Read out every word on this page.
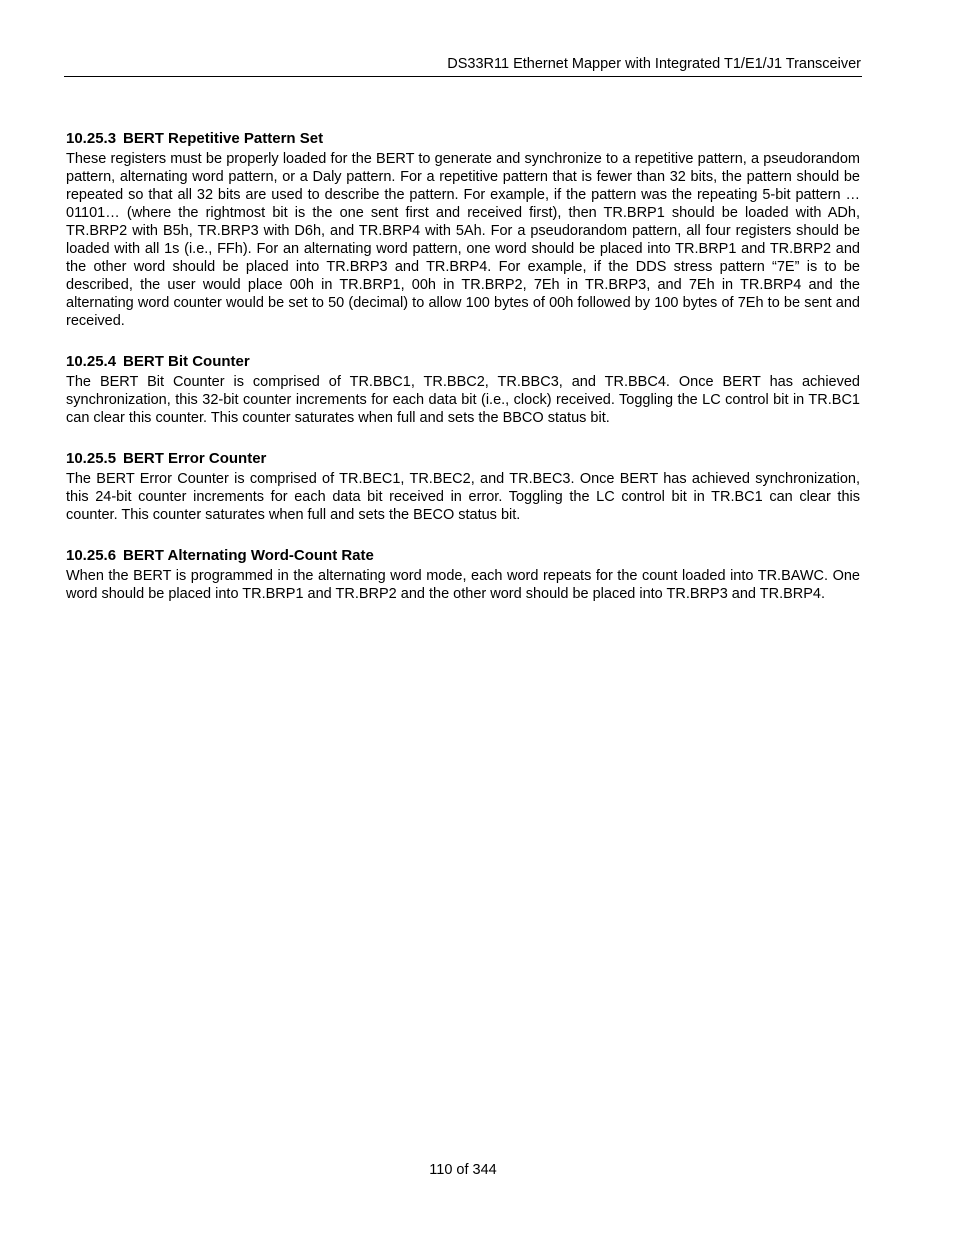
DS33R11 Ethernet Mapper with Integrated T1/E1/J1 Transceiver
10.25.3 BERT Repetitive Pattern Set

These registers must be properly loaded for the BERT to generate and synchronize to a repetitive pattern, a pseudorandom pattern, alternating word pattern, or a Daly pattern. For a repetitive pattern that is fewer than 32 bits, the pattern should be repeated so that all 32 bits are used to describe the pattern. For example, if the pattern was the repeating 5-bit pattern …01101… (where the rightmost bit is the one sent first and received first), then TR.BRP1 should be loaded with ADh, TR.BRP2 with B5h, TR.BRP3 with D6h, and TR.BRP4 with 5Ah. For a pseudorandom pattern, all four registers should be loaded with all 1s (i.e., FFh). For an alternating word pattern, one word should be placed into TR.BRP1 and TR.BRP2 and the other word should be placed into TR.BRP3 and TR.BRP4. For example, if the DDS stress pattern “7E” is to be described, the user would place 00h in TR.BRP1, 00h in TR.BRP2, 7Eh in TR.BRP3, and 7Eh in TR.BRP4 and the alternating word counter would be set to 50 (decimal) to allow 100 bytes of 00h followed by 100 bytes of 7Eh to be sent and received.

10.25.4 BERT Bit Counter

The BERT Bit Counter is comprised of TR.BBC1, TR.BBC2, TR.BBC3, and TR.BBC4. Once BERT has achieved synchronization, this 32-bit counter increments for each data bit (i.e., clock) received. Toggling the LC control bit in TR.BC1 can clear this counter. This counter saturates when full and sets the BBCO status bit.

10.25.5 BERT Error Counter

The BERT Error Counter is comprised of TR.BEC1, TR.BEC2, and TR.BEC3. Once BERT has achieved synchronization, this 24-bit counter increments for each data bit received in error. Toggling the LC control bit in TR.BC1 can clear this counter. This counter saturates when full and sets the BECO status bit.

10.25.6 BERT Alternating Word-Count Rate

When the BERT is programmed in the alternating word mode, each word repeats for the count loaded into TR.BAWC. One word should be placed into TR.BRP1 and TR.BRP2 and the other word should be placed into TR.BRP3 and TR.BRP4.

110 of 344
